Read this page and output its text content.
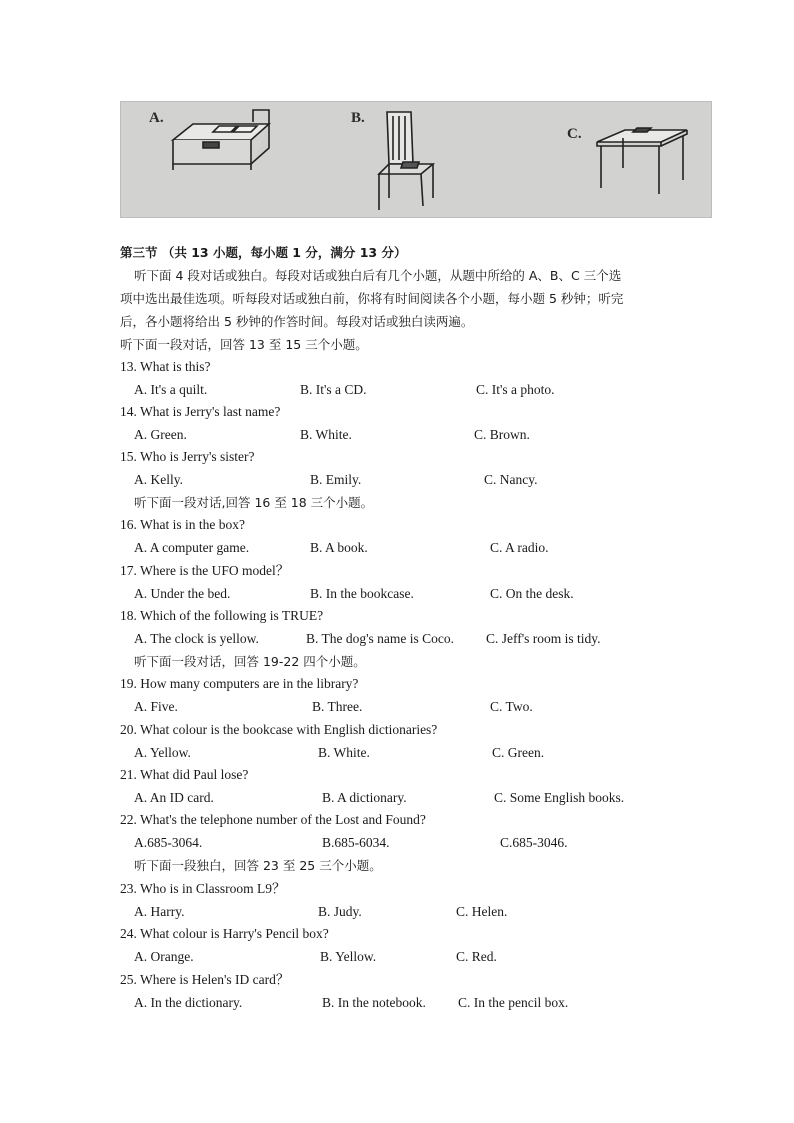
A.	B.
C.
第三节 （共 13 小题，每小题 1 分，满分 13 分）
听下面 4 段对话或独白。每段对话或独白后有几个小题，从题中所给的 A、B、C 三个选
项中选出最佳选项。听每段对话或独白前，你将有时间阅读各个小题，每小题 5 秒钟；听完
后，各小题将给出 5 秒钟的作答时间。每段对话或独白读两遍。
听下面一段对话，回答 13 至 15 三个小题。
13. What is this?
A. It's a quilt.	B. It's a CD.	C. It's a photo.
14. What is Jerry's last name?
A. Green.	B. White.	C. Brown.
15. Who is Jerry's sister?
A. Kelly.	B. Emily.	C. Nancy.
听下面一段对话,回答 16 至 18 三个小题。
16. What is in the box?
A. A computer game.	B. A book.	C. A radio.
17. Where is the UFO model？
A. Under the bed.	B. In the bookcase.	C. On the desk.
18. Which of the following is TRUE?
A. The clock is yellow.	B. The dog's name is Coco. C. Jeff's room is tidy.
听下面一段对话，回答 19-22 四个小题。
19. How many computers are in the library?
A. Five.	B. Three.	C. Two.
20. What colour is the bookcase with English dictionaries?
A. Yellow.	B. White.	C. Green.
21. What did Paul lose?
A. An ID card.	B. A dictionary.	C. Some English books.
22. What's the telephone number of the Lost and Found?
A.685-3064.	B.685-6034.	C.685-3046.
听下面一段独白，回答 23 至 25 三个小题。
23. Who is in Classroom L9？
A. Harry.	B. Judy.	C. Helen.
24. What colour is Harry's Pencil box?
A. Orange.	B. Yellow.	C. Red.
25. Where is Helen's ID card？
A. In the dictionary.	B. In the notebook. C. In the pencil box.
